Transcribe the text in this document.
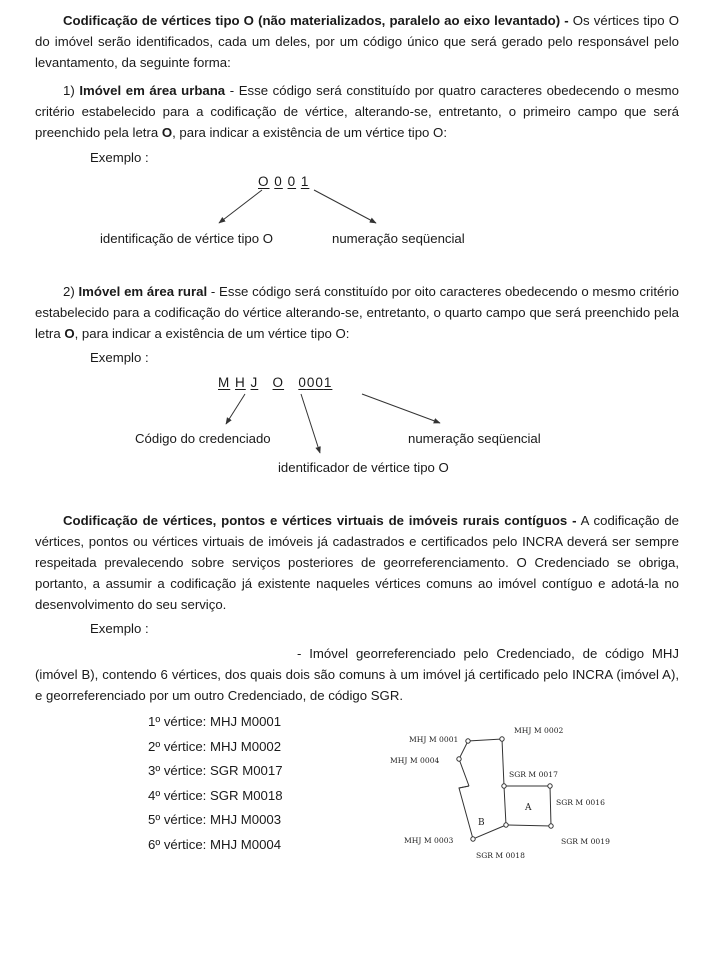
Codificação de vértices tipo O (não materializados, paralelo ao eixo levantado) - Os vértices tipo O do imóvel serão identificados, cada um deles, por um código único que será gerado pelo responsável pelo levantamento, da seguinte forma:

1) Imóvel em área urbana - Esse código será constituído por quatro caracteres obedecendo o mesmo critério estabelecido para a codificação de vértice, alterando-se, entretanto, o primeiro campo que será preenchido pela letra O, para indicar a existência de um vértice tipo O:

Exemplo :

O 0 0 1

identificação de vértice tipo O	numeração seqüencial

2) Imóvel em área rural - Esse código será constituído por oito caracteres obedecendo o mesmo critério estabelecido para a codificação do vértice alterando-se, entretanto, o quarto campo que será preenchido pela letra O, para indicar a existência de um vértice tipo O:

Exemplo :

M H J O 0001

Código do credenciado	numeração seqüencial

identificador de vértice tipo O

Codificação de vértices, pontos e vértices virtuais de imóveis rurais contíguos - A codificação de vértices, pontos ou vértices virtuais de imóveis já cadastrados e certificados pelo INCRA deverá ser sempre respeitada prevalecendo sobre serviços posteriores de georreferenciamento. O Credenciado se obriga, portanto, a assumir a codificação já existente naqueles vértices comuns ao imóvel contíguo e adotá-la no desenvolvimento do seu serviço.

Exemplo :

- Imóvel georreferenciado pelo Credenciado, de código MHJ (imóvel B), contendo 6 vértices, dos quais dois são comuns à um imóvel já certificado pelo INCRA (imóvel A), e georreferenciado por um outro Credenciado, de código SGR.

1º vértice: MHJ M0001
2º vértice: MHJ M0002
3º vértice: SGR M0017
4º vértice: SGR M0018
5º vértice: MHJ M0003
6º vértice: MHJ M0004
MHJ M 0001
MHJ M 0002
MHJ M 0004
SGR M 0017
SGR M 0016
MHJ M 0003
SGR M 0018
SGR M 0019
B
A
